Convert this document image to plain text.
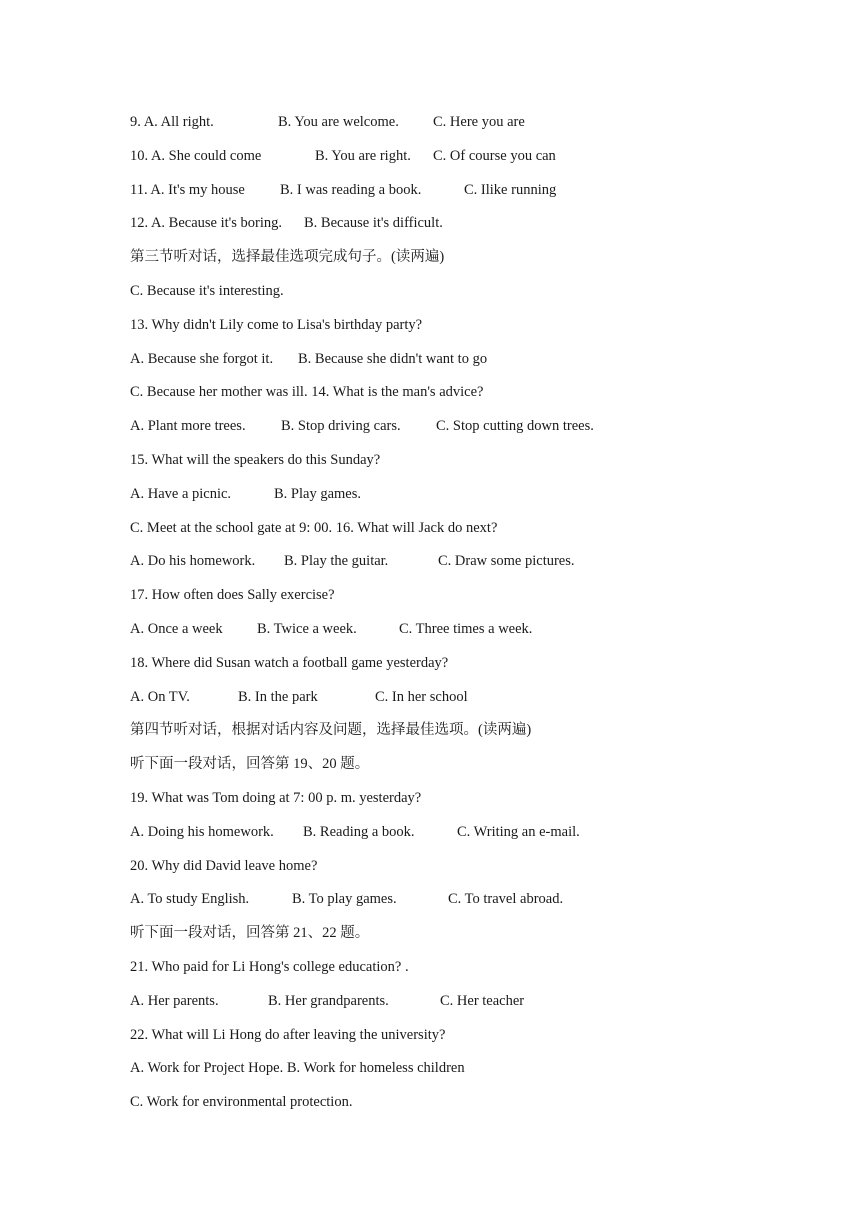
9. A. All right.	B. You are welcome. C. Here you are
10. A. She could come	B. You are right. C. Of course you can
11. A. It's my house B. I was reading a book.	C. Ilike running
12. A. Because it's boring. B. Because it's difficult.
第三节听对话，选择最佳选项完成句子。(读两遍)
C. Because it's interesting.
13. Why didn't Lily come to Lisa's birthday party?
A. Because she forgot it. B. Because she didn't want to go
C. Because her mother was ill. 14. What is the man's advice?
A. Plant more trees. B. Stop driving cars. C. Stop cutting down trees.
15. What will the speakers do this Sunday?
A. Have a picnic.	B. Play games.
C. Meet at the school gate at 9: 00. 16. What will Jack do next?
A. Do his homework. B. Play the guitar.	C. Draw some pictures.
17. How often does Sally exercise?
A. Once a week B. Twice a week.	C. Three times a week.
18. Where did Susan watch a football game yesterday?
A. On TV.	B. In the park	C. In her school
第四节听对话，根据对话内容及问题，选择最佳选项。(读两遍)
听下面一段对话，回答第 19、20 题。
19. What was Tom doing at 7: 00 p. m. yesterday?
A. Doing his homework. B. Reading a book.	C. Writing an e-mail.
20. Why did David leave home?
A. To study English.	B. To play games.	C. To travel abroad.
听下面一段对话，回答第 21、22 题。
21. Who paid for Li Hong's college education? .
A. Her parents.	B. Her grandparents.	C. Her teacher
22. What will Li Hong do after leaving the university?
A. Work for Project Hope. B. Work for homeless children
C. Work for environmental protection.
